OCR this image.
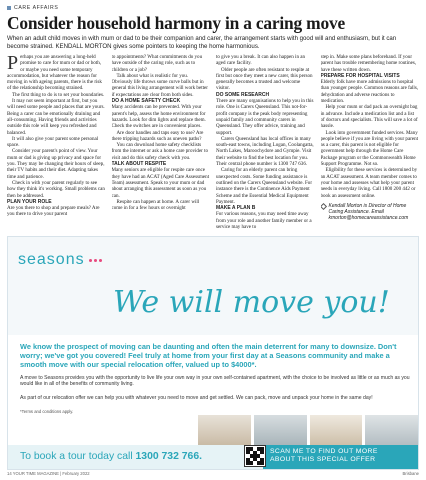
CARE AFFAIRS
Consider household harmony in a caring move
When an adult child moves in with mum or dad to be their companion and carer, the arrangement starts with good will and enthusiasm, but it can become strained. KENDALL MORTON gives some pointers to keeping the home harmonious.

Perhaps you are answering a long-held promise to care for mum or dad or both, or maybe you need some temporary accommodation, but whatever the reason for moving in with ageing parents, there is the risk of the relationship becoming strained.

The first thing to do is to set your boundaries.

It may not seem important at first, but you will need some people and places that are yours. Being a carer can be emotionally draining and all-consuming. Having friends and activities outside this role will keep you refreshed and balanced.

It will also give your parent some personal space.

Consider your parent's point of view. Your mum or dad is giving up privacy and space for you. They may be changing their hours of sleep, their TV habits and their diet. Adapting takes time and patience.

Check in with your parent regularly to see how they think it's working. Small problems can then be addressed.

PLAN YOUR ROLE

Are you there to shop and prepare meals? Are you there to drive your parent

to appointments? What commitments do you have outside of the caring role, such as to children or a job?

Talk about what is realistic for you. Obviously life throws some curve balls but in general this living arrangement will work better if expectations are clear from both sides.

DO A HOME SAFETY CHECK

Many accidents can be prevented. With your parent's help, assess the home environment for hazards. Look for dim lights and replace them. Check the switches are in convenient places.

Are door handles and taps easy to use? Are there tripping hazards such as uneven paths?

You can download home safety checklists from the internet or ask a home care provider to visit and do this safety check with you.

TALK ABOUT RESPITE

Many seniors are eligible for respite care once they have had an ACAT (Aged Care Assessment Team) assessment. Speak to your mum or dad about arranging this assessment as soon as you can.

Respite can happen at home. A carer will come in for a few hours or overnight

to give you a break. It can also happen in an aged care facility.

Older people are often resistant to respite at first but once they meet a new carer, this person generally becomes a trusted and welcome visitor.

DO SOME RESEARCH

There are many organisations to help you in this role. One is Carers Queensland. This not-for-profit company is the peak body representing unpaid family and community carers in Queensland. They offer advice, training and support.

Carers Queensland has local offices in many south-east towns, including Logan, Coolangatta, North Lakes, Maroochydore and Gympie. Visit their website to find the best location for you. Their central phone number is 1300 747 636.

Caring for an elderly parent can bring unexpected costs. Some funding assistance is outlined on the Carers Queensland website. For instance there is the Continence Aids Payment Scheme and the Essential Medical Equipment Payment.

MAKE A PLAN B

For various reasons, you may need time away from your role and another family member or a service may have to

step in. Make some plans beforehand. If your parent has trouble remembering home routines, have these written down.

PREPARE FOR HOSPITAL VISITS

Elderly folk have more admissions to hospital than younger people. Common reasons are falls, dehydration and adverse reactions to medication.

Help your mum or dad pack an overnight bag in advance. Include a medication list and a list of doctors and specialists. This will save a lot of hassle.

Look into government funded services. Many people believe if you are living with your parent as a carer, this parent is not eligible for government help through the Home Care Package program or the Commonwealth Home Support Programme. Not so.

Eligibility for these services is determined by an ACAT assessment. A team member comes to your home and assesses what help your parent needs in everyday living. Call 1800 200 442 or book an assessment online.

Kendall Morton is Director of Home Caring Assistance. Email kmorton@homecareassistance.com
seasons
We will move you!
We know the prospect of moving can be daunting and often the main deterrent for many to downsize. Don't worry; we've got you covered! Feel truly at home from your first day at a Seasons community and make a smooth move with our special relocation offer, valued up to $4000*.
A move to Seasons provides you with the opportunity to live life your own way in your own self-contained apartment, with the choice to be involved as little or as much as you would like in all of the benefits of community living.
As part of our relocation offer we can help you with whatever you need to move and get settled. We can pack, move and unpack your home in the same day!
*Terms and conditions apply.
To book a tour today call 1300 732 766.	SCAN ME TO FIND OUT MORE
ABOUT THIS SPECIAL OFFER
14 YOUR TIME MAGAZINE | February 2022	Brisbane
